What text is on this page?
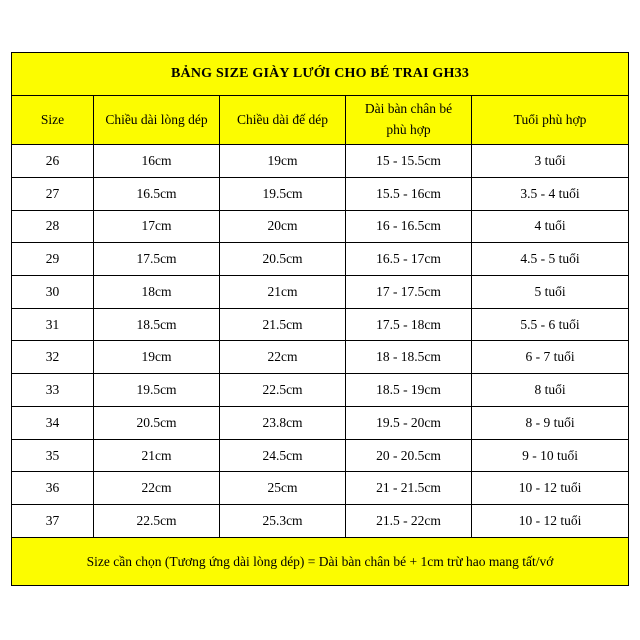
BẢNG SIZE GIÀY LƯỚI CHO BÉ TRAI GH33				
Size	Chiều dài lòng dép	Chiều dài đế dép	Dài bàn chân bé phù hợp	Tuổi phù hợp
26	16cm	19cm	15 - 15.5cm	3 tuổi
27	16.5cm	19.5cm	15.5 - 16cm	3.5 - 4 tuổi
28	17cm	20cm	16 - 16.5cm	4 tuổi
29	17.5cm	20.5cm	16.5 - 17cm	4.5 - 5 tuổi
30	18cm	21cm	17 - 17.5cm	5 tuổi
31	18.5cm	21.5cm	17.5 - 18cm	5.5 - 6 tuổi
32	19cm	22cm	18 - 18.5cm	6 - 7 tuổi
33	19.5cm	22.5cm	18.5 - 19cm	8 tuổi
34	20.5cm	23.8cm	19.5 - 20cm	8 - 9 tuổi
35	21cm	24.5cm	20 - 20.5cm	9 - 10 tuổi
36	22cm	25cm	21 - 21.5cm	10 - 12 tuổi
37	22.5cm	25.3cm	21.5 - 22cm	10 - 12 tuổi
Size cần chọn (Tương ứng dài lòng dép) = Dài bàn chân bé + 1cm trừ hao mang tất/vớ				
